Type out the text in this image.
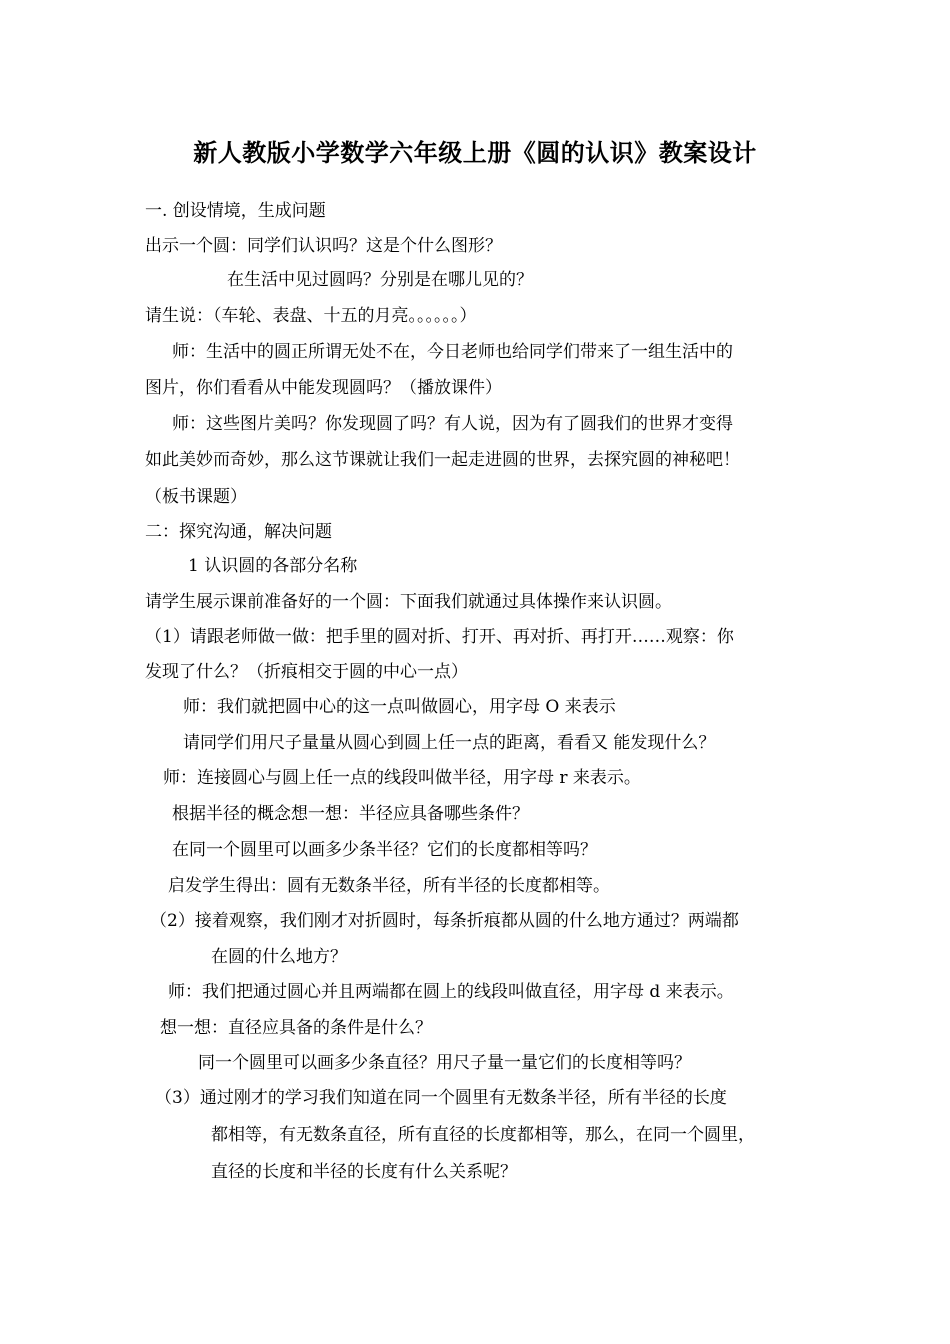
新人教版小学数学六年级上册《圆的认识》教案设计
一. 创设情境，生成问题
出示一个圆：同学们认识吗？这是个什么图形？
在生活中见过圆吗？分别是在哪儿见的？
请生说：（车轮、表盘、十五的月亮。。。。。。）
师：生活中的圆正所谓无处不在，今日老师也给同学们带来了一组生活中的
图片，你们看看从中能发现圆吗？（播放课件）
师：这些图片美吗？你发现圆了吗？有人说，因为有了圆我们的世界才变得
如此美妙而奇妙，那么这节课就让我们一起走进圆的世界，去探究圆的神秘吧！
（板书课题）
二：探究沟通，解决问题
1 认识圆的各部分名称
请学生展示课前准备好的一个圆：下面我们就通过具体操作来认识圆。
（1）请跟老师做一做：把手里的圆对折、打开、再对折、再打开……观察：你
发现了什么？（折痕相交于圆的中心一点）
师：我们就把圆中心的这一点叫做圆心，用字母 O 来表示
请同学们用尺子量量从圆心到圆上任一点的距离，看看又 能发现什么？
师：连接圆心与圆上任一点的线段叫做半径，用字母 r 来表示。
根据半径的概念想一想：半径应具备哪些条件？
在同一个圆里可以画多少条半径？它们的长度都相等吗？
启发学生得出：圆有无数条半径，所有半径的长度都相等。
（2）接着观察，我们刚才对折圆时，每条折痕都从圆的什么地方通过？两端都
在圆的什么地方？
师：我们把通过圆心并且两端都在圆上的线段叫做直径，用字母 d 来表示。
想一想：直径应具备的条件是什么？
同一个圆里可以画多少条直径？用尺子量一量它们的长度相等吗？
（3）通过刚才的学习我们知道在同一个圆里有无数条半径，所有半径的长度
都相等，有无数条直径，所有直径的长度都相等，那么，在同一个圆里，
直径的长度和半径的长度有什么关系呢？
